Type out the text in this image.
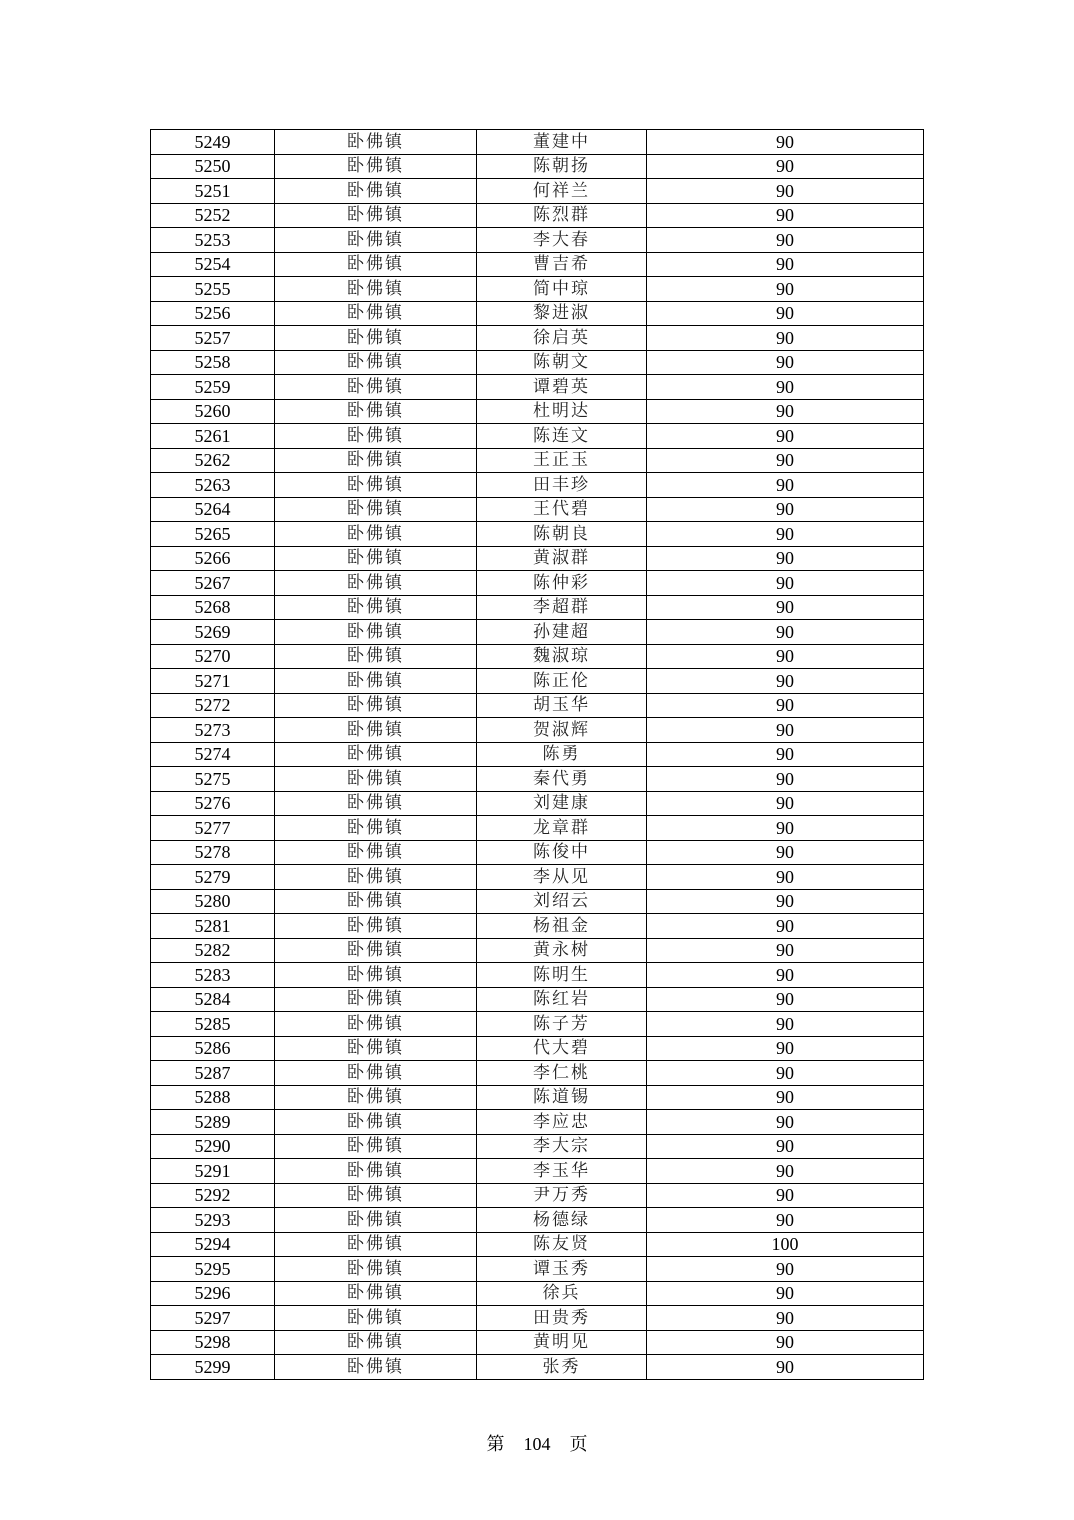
5249	卧佛镇	董建中	90
5250	卧佛镇	陈朝扬	90
5251	卧佛镇	何祥兰	90
5252	卧佛镇	陈烈群	90
5253	卧佛镇	李大春	90
5254	卧佛镇	曹吉希	90
5255	卧佛镇	简中琼	90
5256	卧佛镇	黎进淑	90
5257	卧佛镇	徐启英	90
5258	卧佛镇	陈朝文	90
5259	卧佛镇	谭碧英	90
5260	卧佛镇	杜明达	90
5261	卧佛镇	陈连文	90
5262	卧佛镇	王正玉	90
5263	卧佛镇	田丰珍	90
5264	卧佛镇	王代碧	90
5265	卧佛镇	陈朝良	90
5266	卧佛镇	黄淑群	90
5267	卧佛镇	陈仲彩	90
5268	卧佛镇	李超群	90
5269	卧佛镇	孙建超	90
5270	卧佛镇	魏淑琼	90
5271	卧佛镇	陈正伦	90
5272	卧佛镇	胡玉华	90
5273	卧佛镇	贺淑辉	90
5274	卧佛镇	陈勇	90
5275	卧佛镇	秦代勇	90
5276	卧佛镇	刘建康	90
5277	卧佛镇	龙章群	90
5278	卧佛镇	陈俊中	90
5279	卧佛镇	李从见	90
5280	卧佛镇	刘绍云	90
5281	卧佛镇	杨祖金	90
5282	卧佛镇	黄永树	90
5283	卧佛镇	陈明生	90
5284	卧佛镇	陈红岩	90
5285	卧佛镇	陈子芳	90
5286	卧佛镇	代大碧	90
5287	卧佛镇	李仁桃	90
5288	卧佛镇	陈道锡	90
5289	卧佛镇	李应忠	90
5290	卧佛镇	李大宗	90
5291	卧佛镇	李玉华	90
5292	卧佛镇	尹万秀	90
5293	卧佛镇	杨德绿	90
5294	卧佛镇	陈友贤	100
5295	卧佛镇	谭玉秀	90
5296	卧佛镇	徐兵	90
5297	卧佛镇	田贵秀	90
5298	卧佛镇	黄明见	90
5299	卧佛镇	张秀	90
第 104 页
